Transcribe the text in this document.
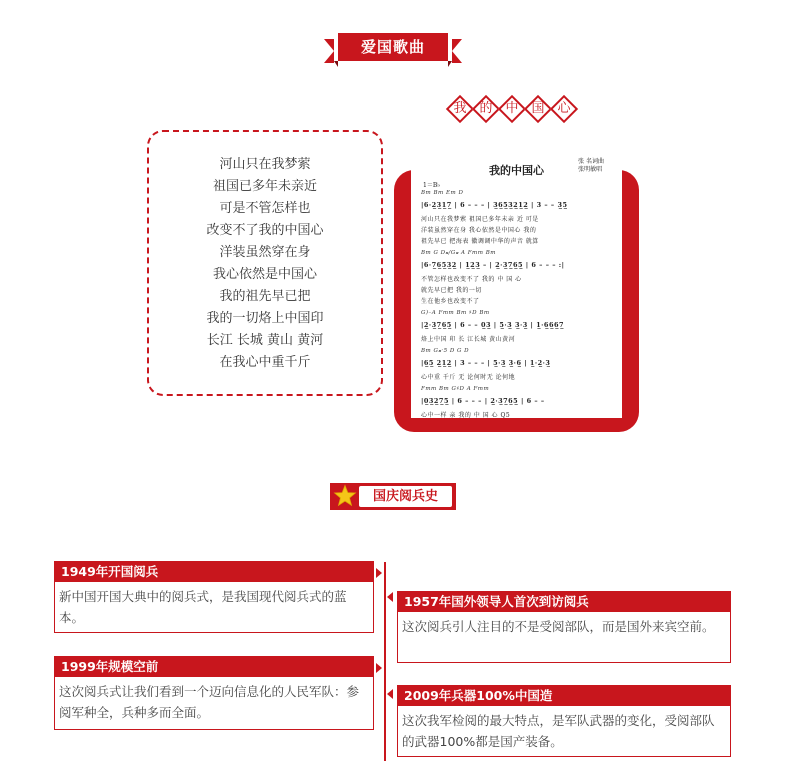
爱国歌曲
我 的 中 国 心
河山只在我梦萦
祖国已多年未亲近
可是不管怎样也
改变不了我的中国心
洋装虽然穿在身
我心依然是中国心
我的祖先早已把
我的一切烙上中国印
长江 长城 黄山 黄河
在我心中重千斤
我的中国心
张 名词曲
张明敏唱
1＝B♭
Bm Bm Em D
|6·2̲3̲1̲7̲ | 6 – – – | 3̲6̲5̲3̲2̲1̲2̲ | 3 – – 3̲5̲
河山只在我梦萦 祖国已多年未亲 近 可是
洋装虽然穿在身 我心依然是中国心 我的
祖先早已 把海表 徽调调中华的声音 就算
Bm G D𝄪/G𝄪 A Fmm Bm
|6·7̲6̲5̲3̲2̲ | 1̲2̲3̲ – | 2̲·3̲7̲6̲5̲ | 6 – – – :|
不管怎样也改变不了 我的 中 国 心
就先早已把 我的一切
生在他乡也改变不了
G)–A Fmm Bm ♯D Bm
|2̲·3̲7̲6̲5̲ | 6 – – 0̲3̲ | 5̲·3̲ 3̲·3̲ | 1̲·6̲6̲6̲7̲
烙上中国 印 长 江长城 黄山黄河
Bm G𝄪·5 D G D
|6̲5̲ 2̲1̲2̲ | 3 – – – | 5̲·3̲ 3̲·6̲ | 1̲·2̲·3̲
心中重 千斤 无 论何时无 论何地
Fmm Bm G♯D A Fmm
|0̲3̲2̲7̲5̲ | 6 – – – | 2̲·3̲7̲6̲5̲ | 6 – –
心中一样 亲 我的 中 国 心 Q5
国庆阅兵史
1949年开国阅兵
新中国开国大典中的阅兵式，是我国现代阅兵式的蓝本。
1957年国外领导人首次到访阅兵
这次阅兵引人注目的不是受阅部队，而是国外来宾空前。
1999年规模空前
这次阅兵式让我们看到一个迈向信息化的人民军队：参阅军种全，兵种多而全面。
2009年兵器100%中国造
这次我军检阅的最大特点，是军队武器的变化，受阅部队的武器100%都是国产装备。
